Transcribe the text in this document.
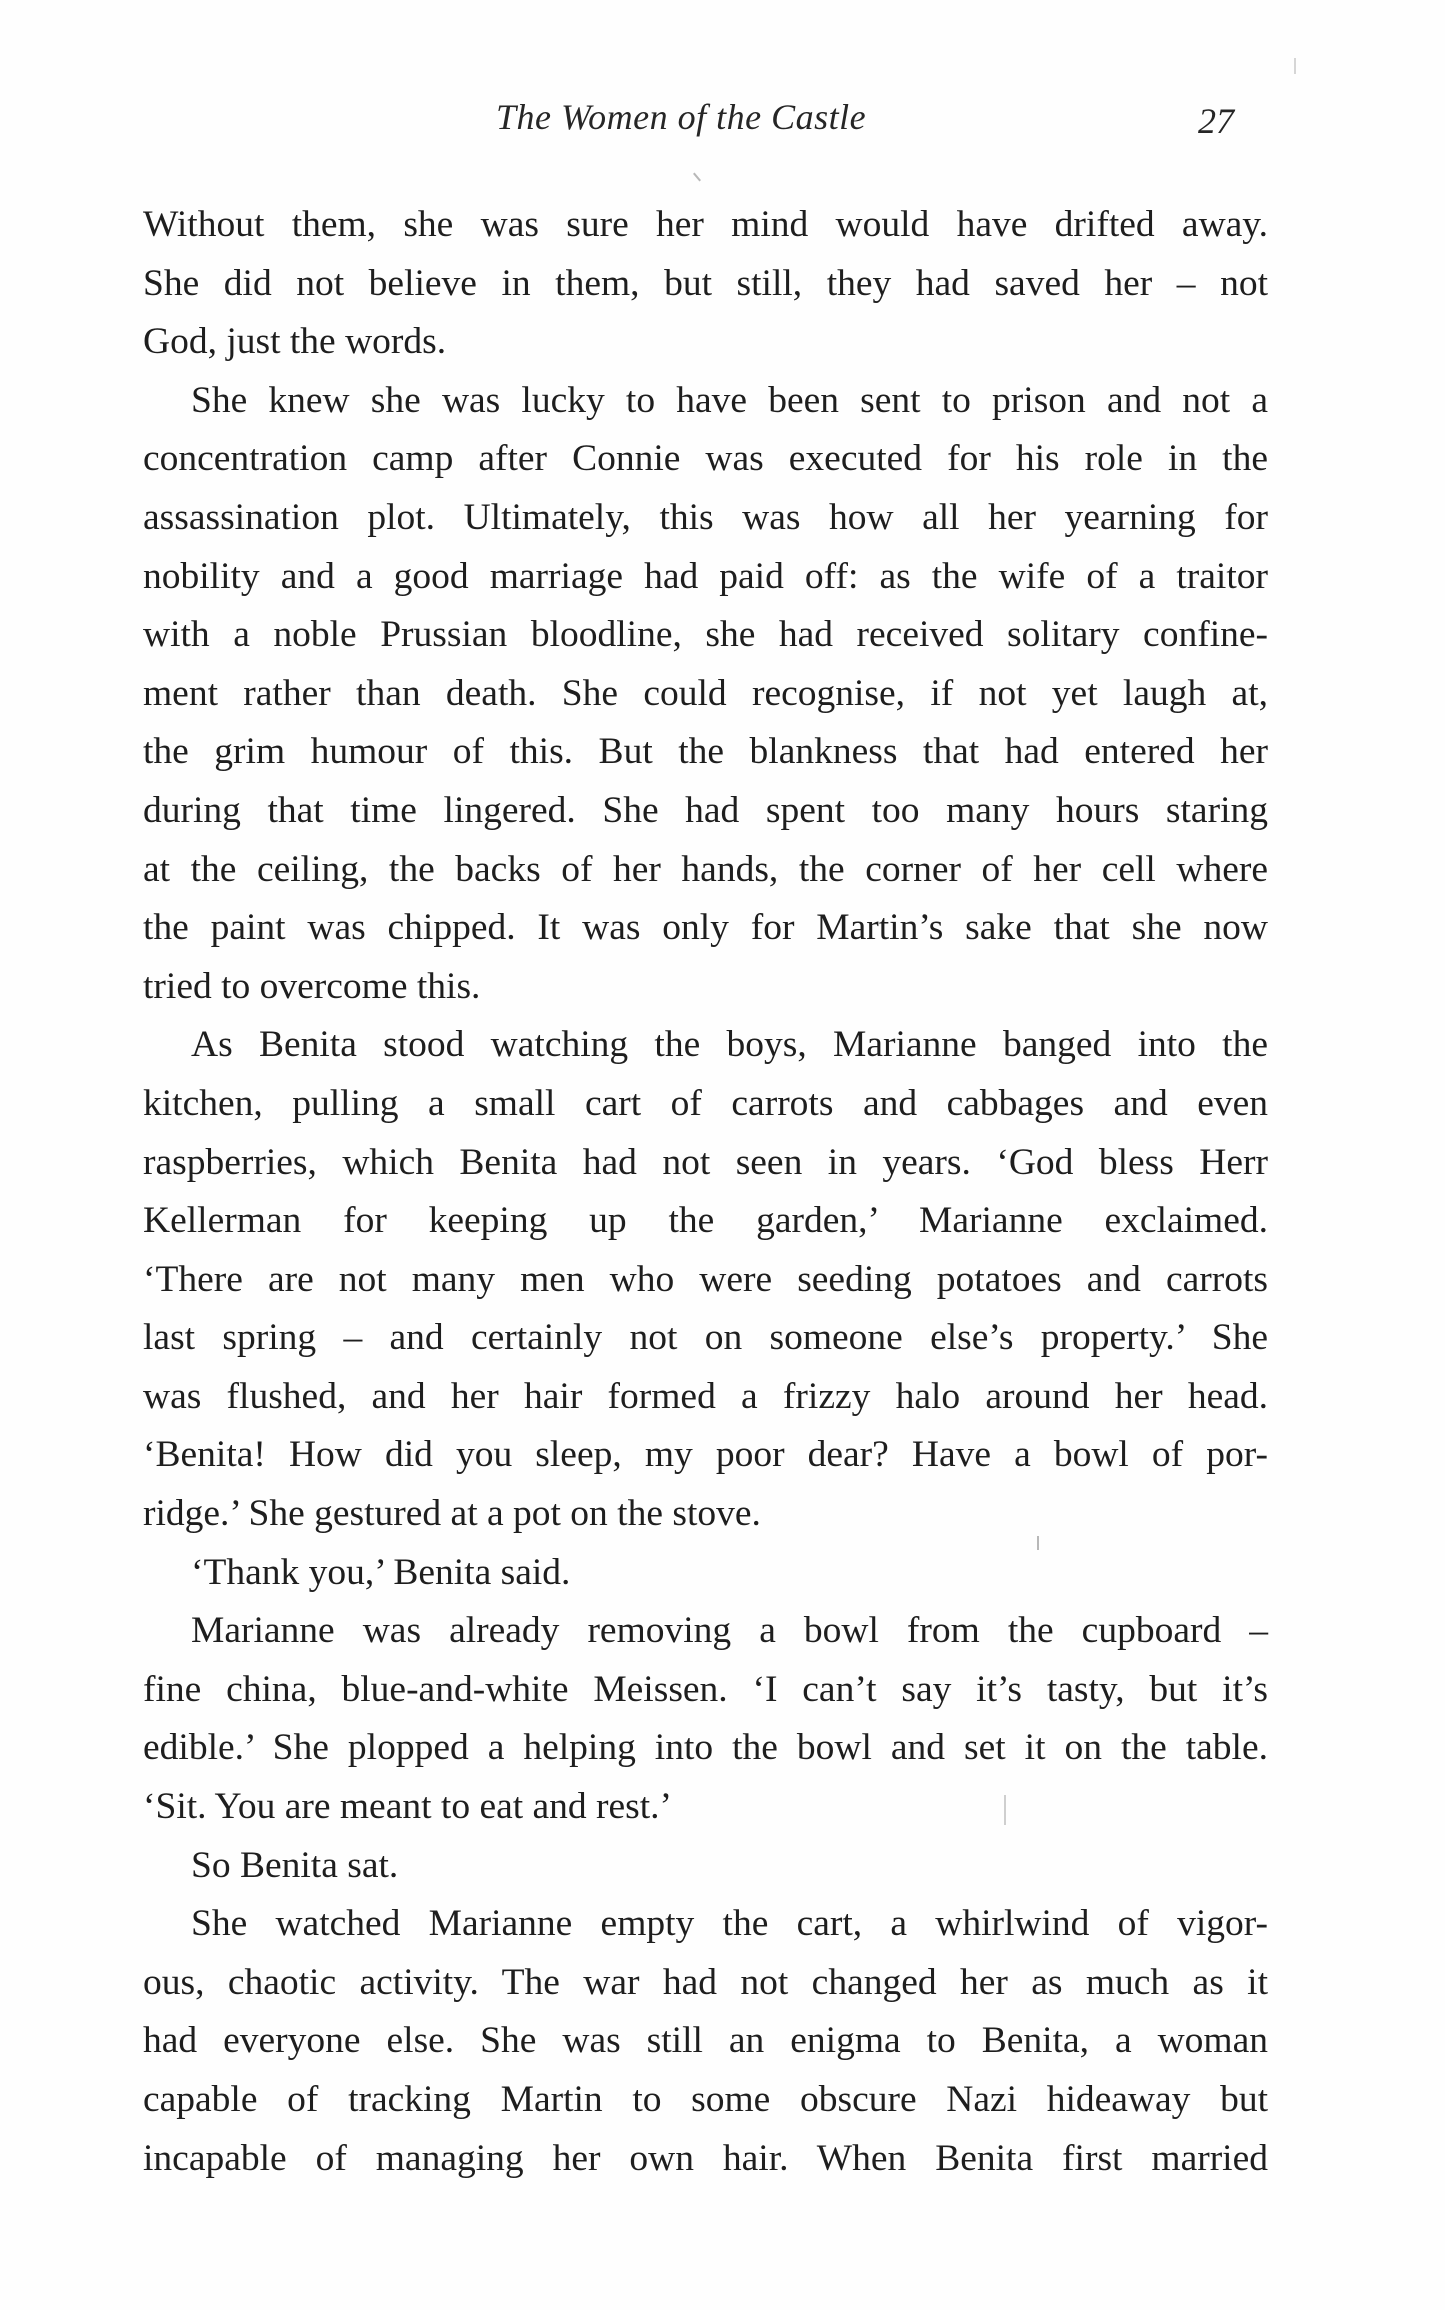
The Women of the Castle	27
Without them, she was sure her mind would have drifted away.
She did not believe in them, but still, they had saved her – not
God, just the words.
She knew she was lucky to have been sent to prison and not a
concentration camp after Connie was executed for his role in the
assassination plot. Ultimately, this was how all her yearning for
nobility and a good marriage had paid off: as the wife of a traitor
with a noble Prussian bloodline, she had received solitary confine-
ment rather than death. She could recognise, if not yet laugh at,
the grim humour of this. But the blankness that had entered her
during that time lingered. She had spent too many hours staring
at the ceiling, the backs of her hands, the corner of her cell where
the paint was chipped. It was only for Martin’s sake that she now
tried to overcome this.
As Benita stood watching the boys, Marianne banged into the
kitchen, pulling a small cart of carrots and cabbages and even
raspberries, which Benita had not seen in years. ‘God bless Herr
Kellerman for keeping up the garden,’ Marianne exclaimed.
‘There are not many men who were seeding potatoes and carrots
last spring – and certainly not on someone else’s property.’ She
was flushed, and her hair formed a frizzy halo around her head.
‘Benita! How did you sleep, my poor dear? Have a bowl of por-
ridge.’ She gestured at a pot on the stove.
‘Thank you,’ Benita said.
Marianne was already removing a bowl from the cupboard –
fine china, blue-and-white Meissen. ‘I can’t say it’s tasty, but it’s
edible.’ She plopped a helping into the bowl and set it on the table.
‘Sit. You are meant to eat and rest.’
So Benita sat.
She watched Marianne empty the cart, a whirlwind of vigor-
ous, chaotic activity. The war had not changed her as much as it
had everyone else. She was still an enigma to Benita, a woman
capable of tracking Martin to some obscure Nazi hideaway but
incapable of managing her own hair. When Benita first married
